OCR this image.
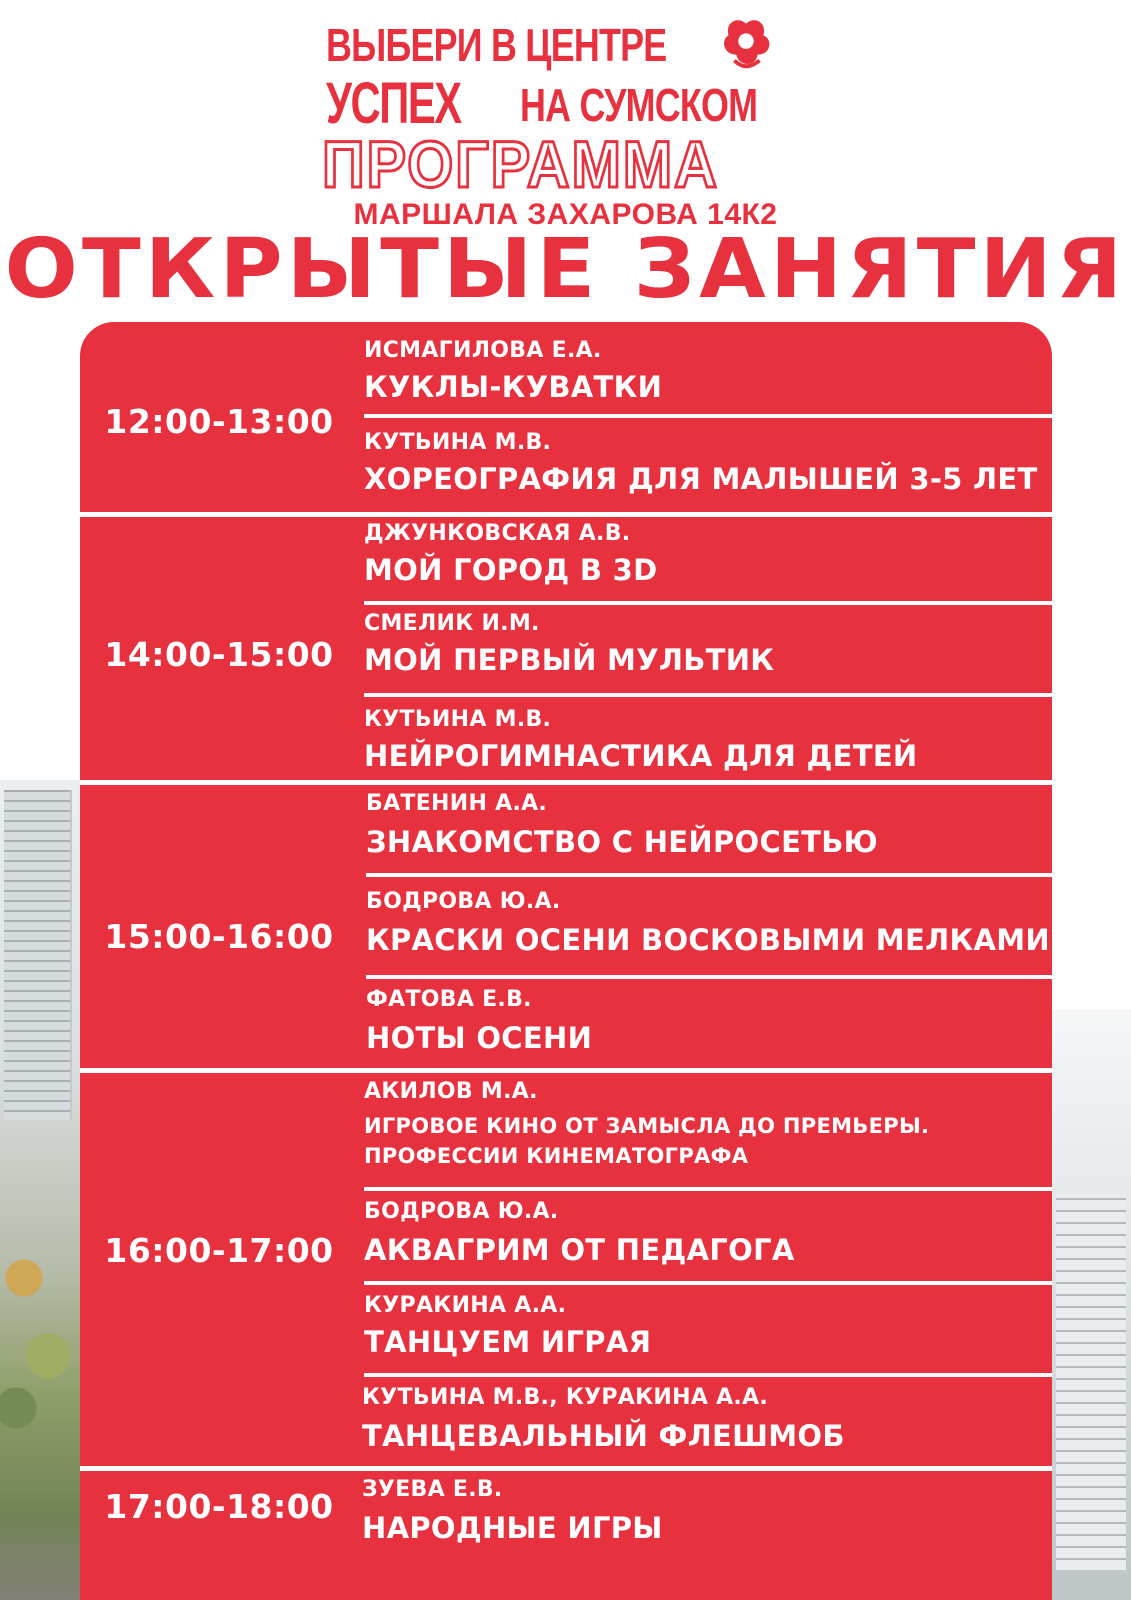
ВЫБЕРИ В ЦЕНТРЕ
УСПЕХ НА СУМСКОМ
ПРОГРАММА
МАРШАЛА ЗАХАРОВА 14К2
ОТКРЫТЫЕ ЗАНЯТИЯ
12:00-13:00
ИСМАГИЛОВА Е.А.
КУКЛЫ-КУВАТКИ
КУТЬИНА М.В.
ХОРЕОГРАФИЯ ДЛЯ МАЛЫШЕЙ 3-5 ЛЕТ
14:00-15:00
ДЖУНКОВСКАЯ А.В.
МОЙ ГОРОД В 3D
СМЕЛИК И.М.
МОЙ ПЕРВЫЙ МУЛЬТИК
КУТЬИНА М.В.
НЕЙРОГИМНАСТИКА ДЛЯ ДЕТЕЙ
15:00-16:00
БАТЕНИН А.А.
ЗНАКОМСТВО С НЕЙРОСЕТЬЮ
БОДРОВА Ю.А.
КРАСКИ ОСЕНИ ВОСКОВЫМИ МЕЛКАМИ
ФАТОВА Е.В.
НОТЫ ОСЕНИ
16:00-17:00
АКИЛОВ М.А.
ИГРОВОЕ КИНО ОТ ЗАМЫСЛА ДО ПРЕМЬЕРЫ.
ПРОФЕССИИ КИНЕМАТОГРАФА
БОДРОВА Ю.А.
АКВАГРИМ ОТ ПЕДАГОГА
КУРАКИНА А.А.
ТАНЦУЕМ ИГРАЯ
КУТЬИНА М.В., КУРАКИНА А.А.
ТАНЦЕВАЛЬНЫЙ ФЛЕШМОБ
17:00-18:00	ЗУЕВА Е.В.
НАРОДНЫЕ ИГРЫ
